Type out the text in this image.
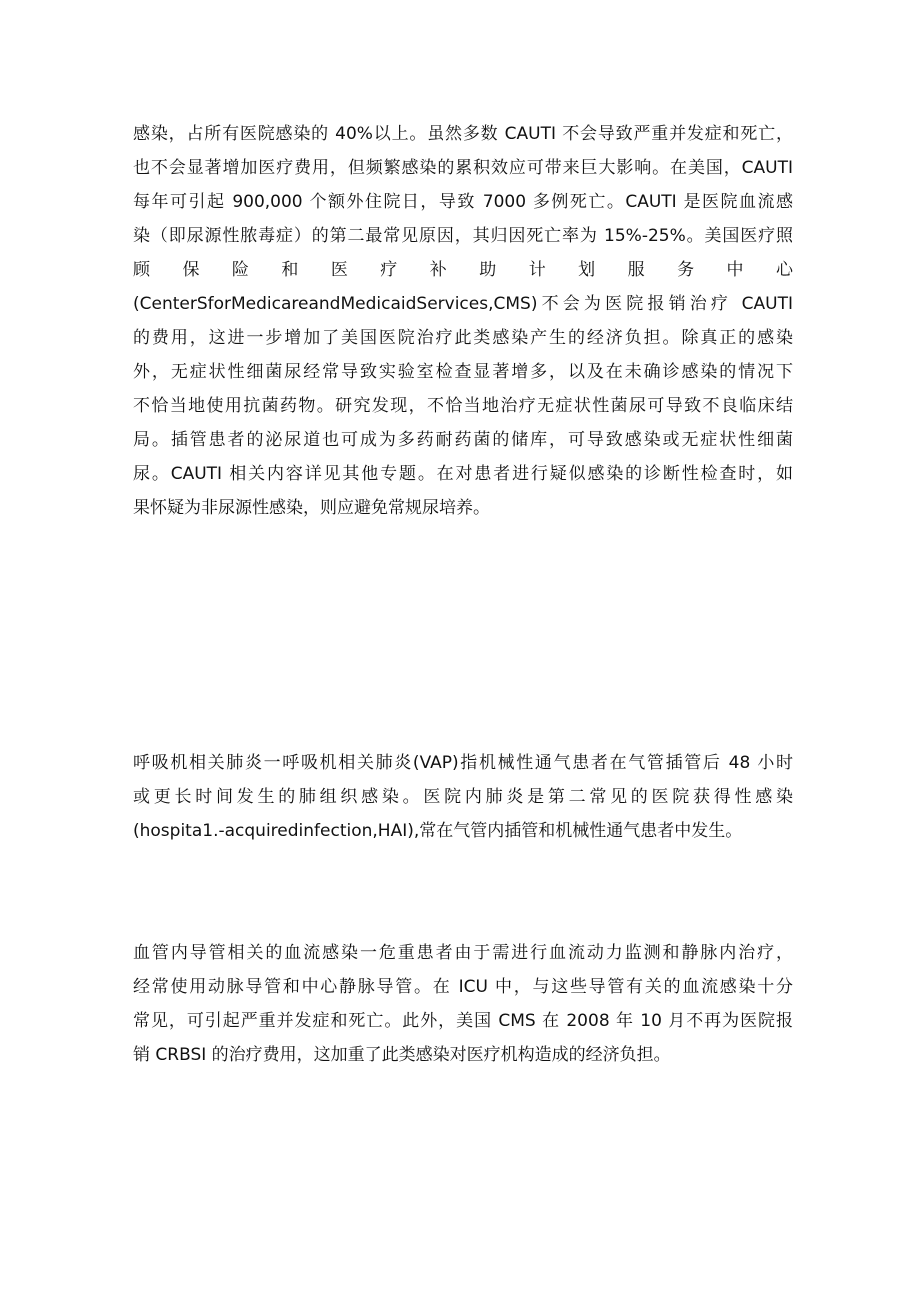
感染，占所有医院感染的 40%以上。虽然多数 CAUTI 不会导致严重并发症和死亡，
也不会显著增加医疗费用，但频繁感染的累积效应可带来巨大影响。在美国，CAUTI
每年可引起 900,000 个额外住院日，导致 7000 多例死亡。CAUTI 是医院血流感
染（即尿源性脓毒症）的第二最常见原因，其归因死亡率为 15%-25%。美国医疗照
顾 保 险 和 医 疗 补 助 计 划 服 务 中 心
(CenterSforMedicareandMedicaidServices,CMS)不会为医院报销治疗 CAUTI
的费用，这进一步增加了美国医院治疗此类感染产生的经济负担。除真正的感染
外，无症状性细菌尿经常导致实验室检查显著增多，以及在未确诊感染的情况下
不恰当地使用抗菌药物。研究发现，不恰当地治疗无症状性菌尿可导致不良临床结
局。插管患者的泌尿道也可成为多药耐药菌的储库，可导致感染或无症状性细菌
尿。CAUTI 相关内容详见其他专题。在对患者进行疑似感染的诊断性检查时，如
果怀疑为非尿源性感染，则应避免常规尿培养。
呼吸机相关肺炎一呼吸机相关肺炎(VAP)指机械性通气患者在气管插管后 48 小时
或更长时间发生的肺组织感染。医院内肺炎是第二常见的医院获得性感染
(hospita1.-acquiredinfection,HAI),常在气管内插管和机械性通气患者中发生。
血管内导管相关的血流感染一危重患者由于需进行血流动力监测和静脉内治疗，
经常使用动脉导管和中心静脉导管。在 ICU 中，与这些导管有关的血流感染十分
常见，可引起严重并发症和死亡。此外，美国 CMS 在 2008 年 10 月不再为医院报
销 CRBSI 的治疗费用，这加重了此类感染对医疗机构造成的经济负担。
